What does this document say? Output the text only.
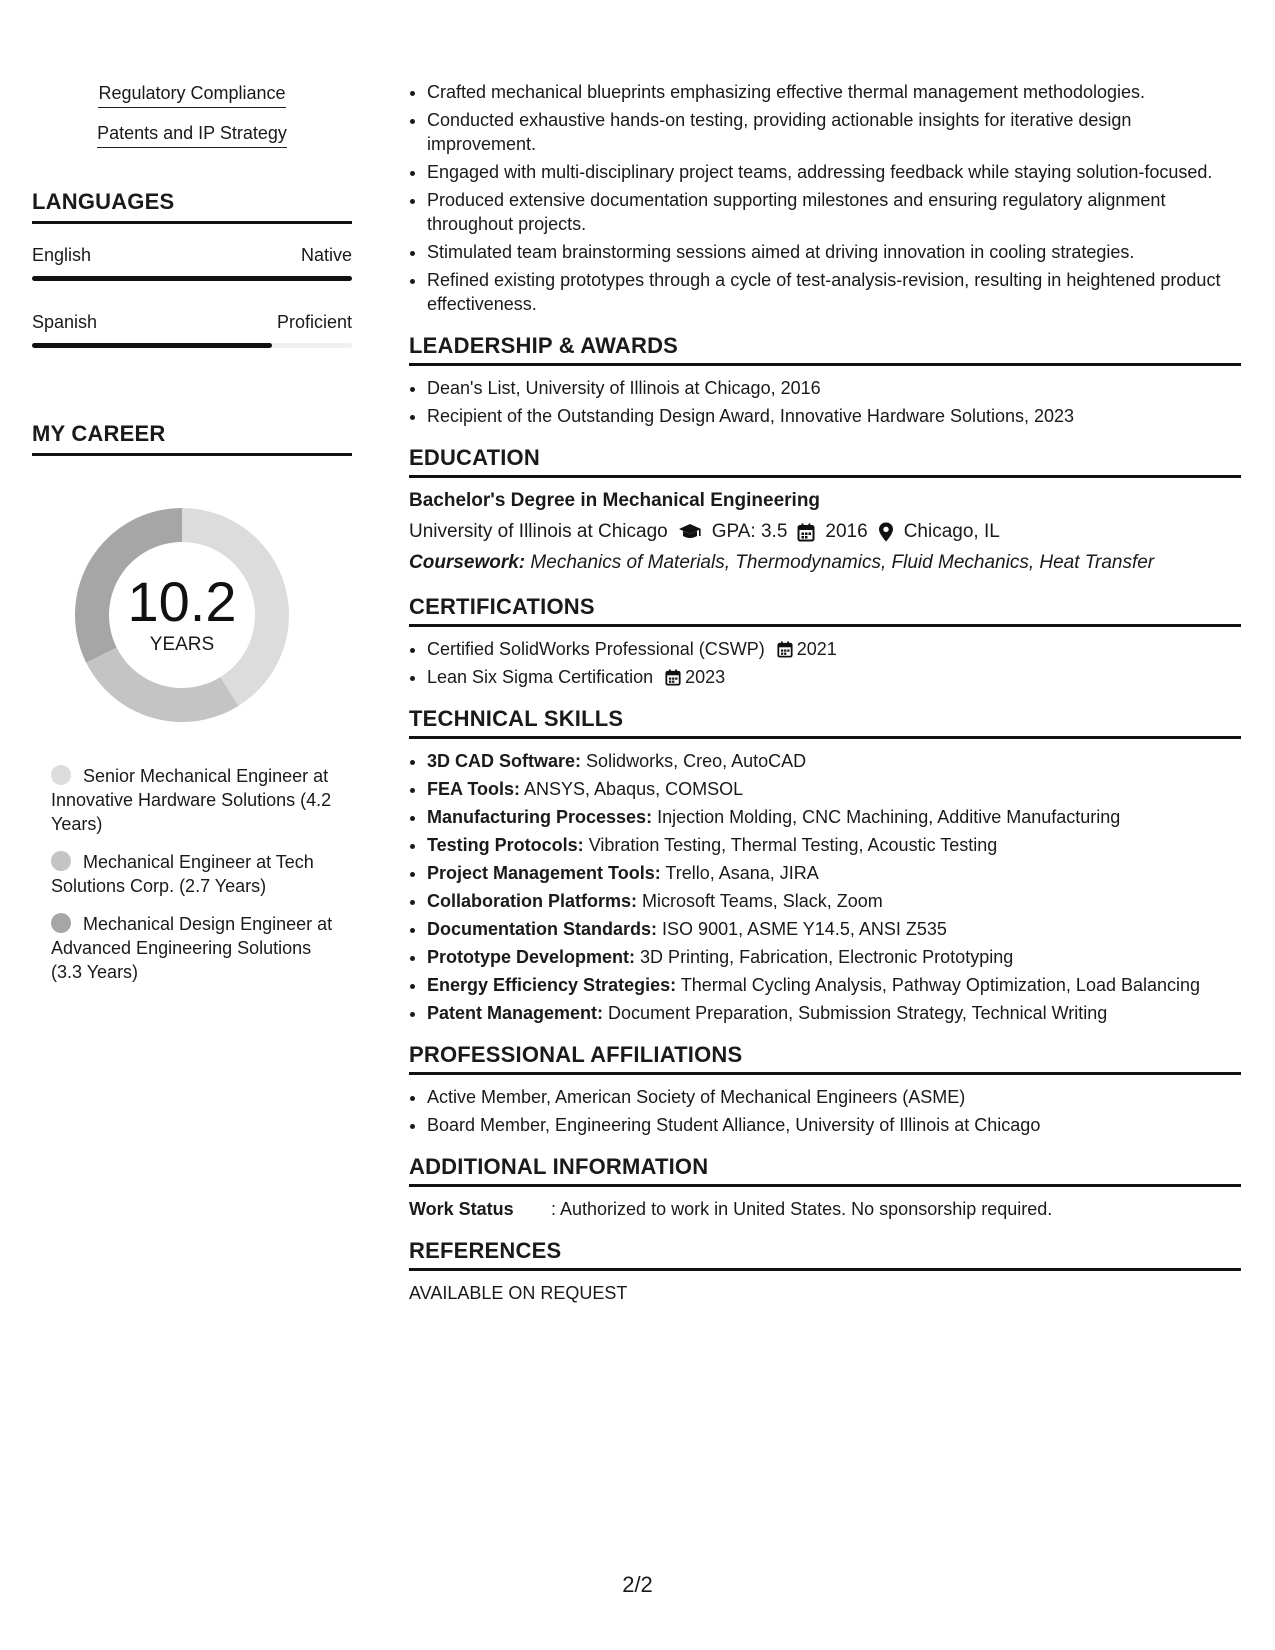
Regulatory Compliance
Patents and IP Strategy
LANGUAGES
English	Native
Spanish	Proficient
MY CAREER
10.2
YEARS
Senior Mechanical Engineer at Innovative Hardware Solutions (4.2 Years)
Mechanical Engineer at Tech Solutions Corp. (2.7 Years)
Mechanical Design Engineer at Advanced Engineering Solutions (3.3 Years)
• Crafted mechanical blueprints emphasizing effective thermal management methodologies.
• Conducted exhaustive hands-on testing, providing actionable insights for iterative design improvement.
• Engaged with multi-disciplinary project teams, addressing feedback while staying solution-focused.
• Produced extensive documentation supporting milestones and ensuring regulatory alignment throughout projects.
• Stimulated team brainstorming sessions aimed at driving innovation in cooling strategies.
• Refined existing prototypes through a cycle of test-analysis-revision, resulting in heightened product effectiveness.
LEADERSHIP & AWARDS
• Dean's List, University of Illinois at Chicago, 2016
• Recipient of the Outstanding Design Award, Innovative Hardware Solutions, 2023
EDUCATION
Bachelor's Degree in Mechanical Engineering
University of Illinois at Chicago GPA: 3.5 2016 Chicago, IL
Coursework: Mechanics of Materials, Thermodynamics, Fluid Mechanics, Heat Transfer
CERTIFICATIONS
• Certified SolidWorks Professional (CSWP) 2021
• Lean Six Sigma Certification 2023
TECHNICAL SKILLS
• 3D CAD Software: Solidworks, Creo, AutoCAD
• FEA Tools: ANSYS, Abaqus, COMSOL
• Manufacturing Processes: Injection Molding, CNC Machining, Additive Manufacturing
• Testing Protocols: Vibration Testing, Thermal Testing, Acoustic Testing
• Project Management Tools: Trello, Asana, JIRA
• Collaboration Platforms: Microsoft Teams, Slack, Zoom
• Documentation Standards: ISO 9001, ASME Y14.5, ANSI Z535
• Prototype Development: 3D Printing, Fabrication, Electronic Prototyping
• Energy Efficiency Strategies: Thermal Cycling Analysis, Pathway Optimization, Load Balancing
• Patent Management: Document Preparation, Submission Strategy, Technical Writing
PROFESSIONAL AFFILIATIONS
• Active Member, American Society of Mechanical Engineers (ASME)
• Board Member, Engineering Student Alliance, University of Illinois at Chicago
ADDITIONAL INFORMATION
Work Status	: Authorized to work in United States. No sponsorship required.
REFERENCES
AVAILABLE ON REQUEST
2/2
